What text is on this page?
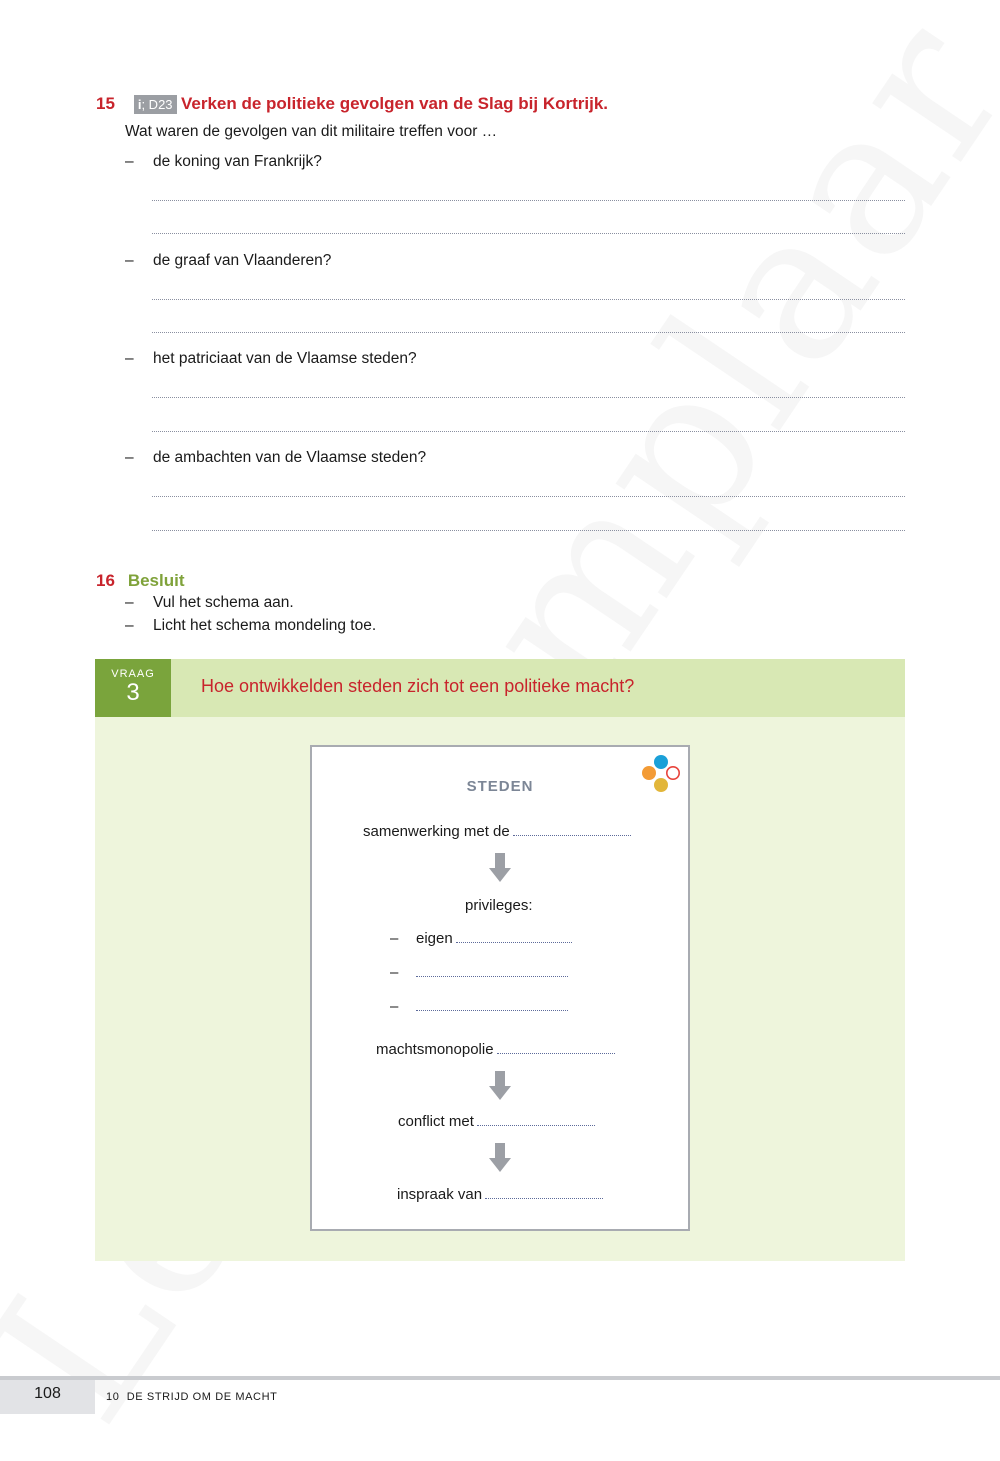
15 i; D23 Verken de politieke gevolgen van de Slag bij Kortrijk.
Wat waren de gevolgen van dit militaire treffen voor …
– de koning van Frankrijk?
– de graaf van Vlaanderen?
– het patriciaat van de Vlaamse steden?
– de ambachten van de Vlaamse steden?
16 Besluit
– Vul het schema aan.
– Licht het schema mondeling toe.
VRAAG
3	Hoe ontwikkelden steden zich tot een politieke macht?
STEDEN
samenwerking met de
privileges:
– eigen
–
–
machtsmonopolie
conflict met
inspraak van
108	10  DE STRIJD OM DE MACHT
